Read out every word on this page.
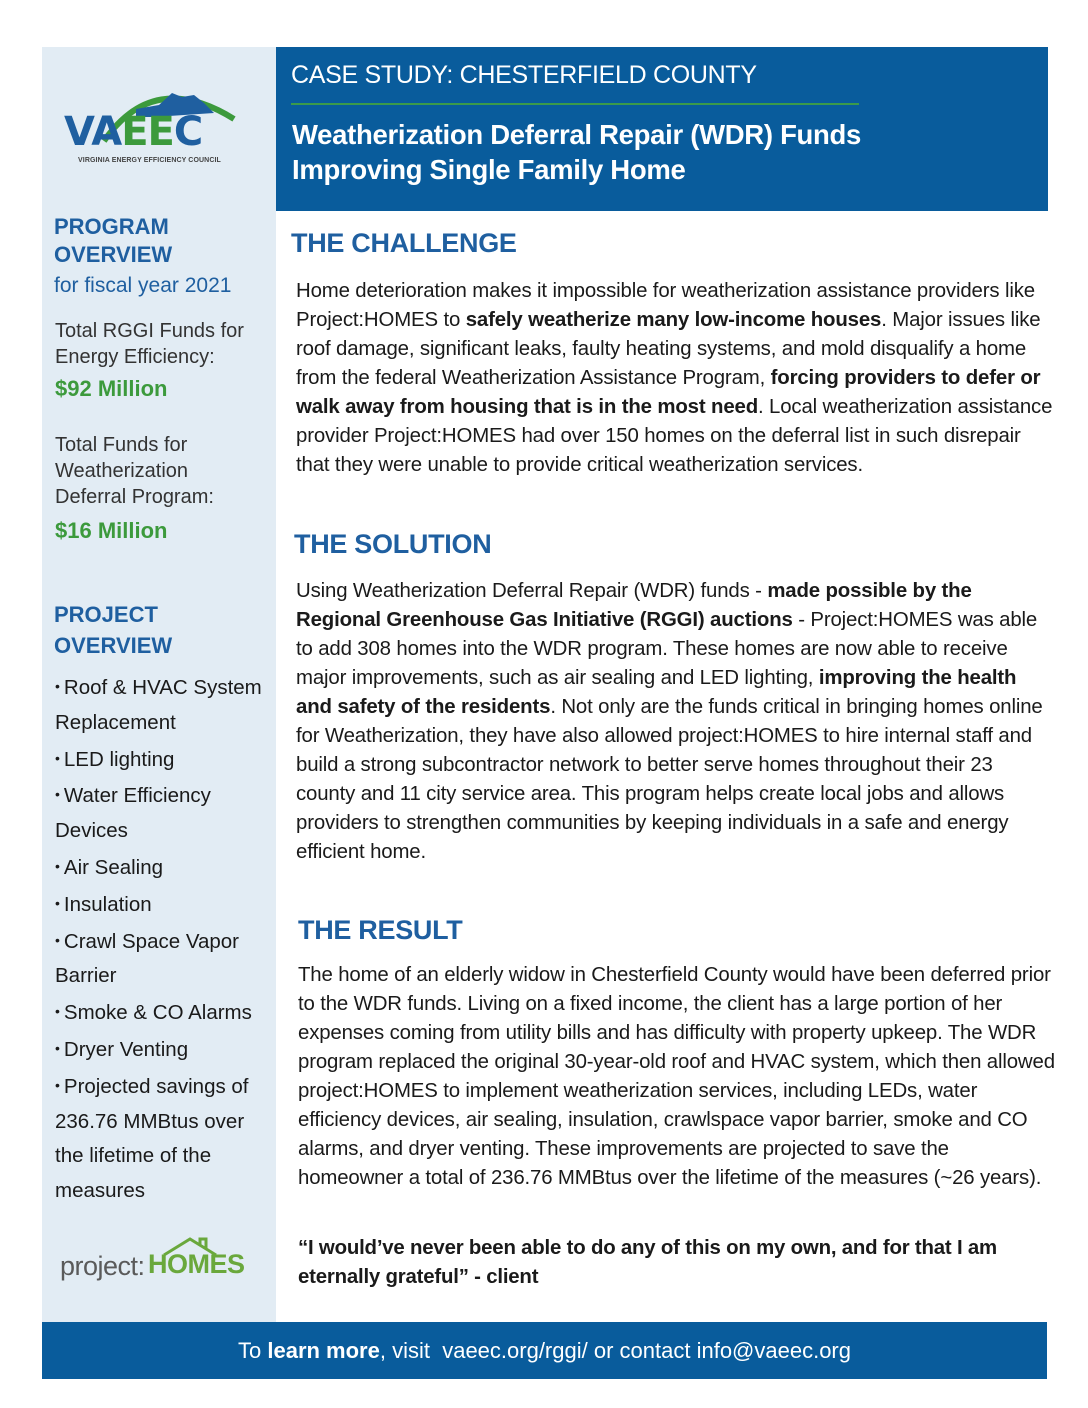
VAEEC
VIRGINIA ENERGY EFFICIENCY COUNCIL
PROGRAM
OVERVIEW
for fiscal year 2021
Total RGGI Funds for
Energy Efficiency:
$92 Million
Total Funds for
Weatherization
Deferral Program:
$16 Million
PROJECT
OVERVIEW
• Roof & HVAC System
Replacement
• LED lighting
• Water Efficiency
Devices
• Air Sealing
• Insulation
• Crawl Space Vapor
Barrier
• Smoke & CO Alarms
• Dryer Venting
• Projected savings of
236.76 MMBtus over
the lifetime of the
measures
project: HOMES
CASE STUDY: CHESTERFIELD COUNTY
Weatherization Deferral Repair (WDR) Funds
Improving Single Family Home
THE CHALLENGE
Home deterioration makes it impossible for weatherization assistance providers like Project:HOMES to safely weatherize many low-income houses. Major issues like roof damage, significant leaks, faulty heating systems, and mold disqualify a home from the federal Weatherization Assistance Program, forcing providers to defer or walk away from housing that is in the most need. Local weatherization assistance provider Project:HOMES had over 150 homes on the deferral list in such disrepair that they were unable to provide critical weatherization services.
THE SOLUTION
Using Weatherization Deferral Repair (WDR) funds - made possible by the Regional Greenhouse Gas Initiative (RGGI) auctions - Project:HOMES was able to add 308 homes into the WDR program. These homes are now able to receive major improvements, such as air sealing and LED lighting, improving the health and safety of the residents. Not only are the funds critical in bringing homes online for Weatherization, they have also allowed project:HOMES to hire internal staff and build a strong subcontractor network to better serve homes throughout their 23 county and 11 city service area. This program helps create local jobs and allows providers to strengthen communities by keeping individuals in a safe and energy efficient home.
THE RESULT
The home of an elderly widow in Chesterfield County would have been deferred prior to the WDR funds. Living on a fixed income, the client has a large portion of her expenses coming from utility bills and has difficulty with property upkeep. The WDR program replaced the original 30-year-old roof and HVAC system, which then allowed project:HOMES to implement weatherization services, including LEDs, water efficiency devices, air sealing, insulation, crawlspace vapor barrier, smoke and CO alarms, and dryer venting. These improvements are projected to save the homeowner a total of 236.76 MMBtus over the lifetime of the measures (~26 years).
“I would’ve never been able to do any of this on my own, and for that I am eternally grateful” - client
To learn more, visit  vaeec.org/rggi/ or contact info@vaeec.org
